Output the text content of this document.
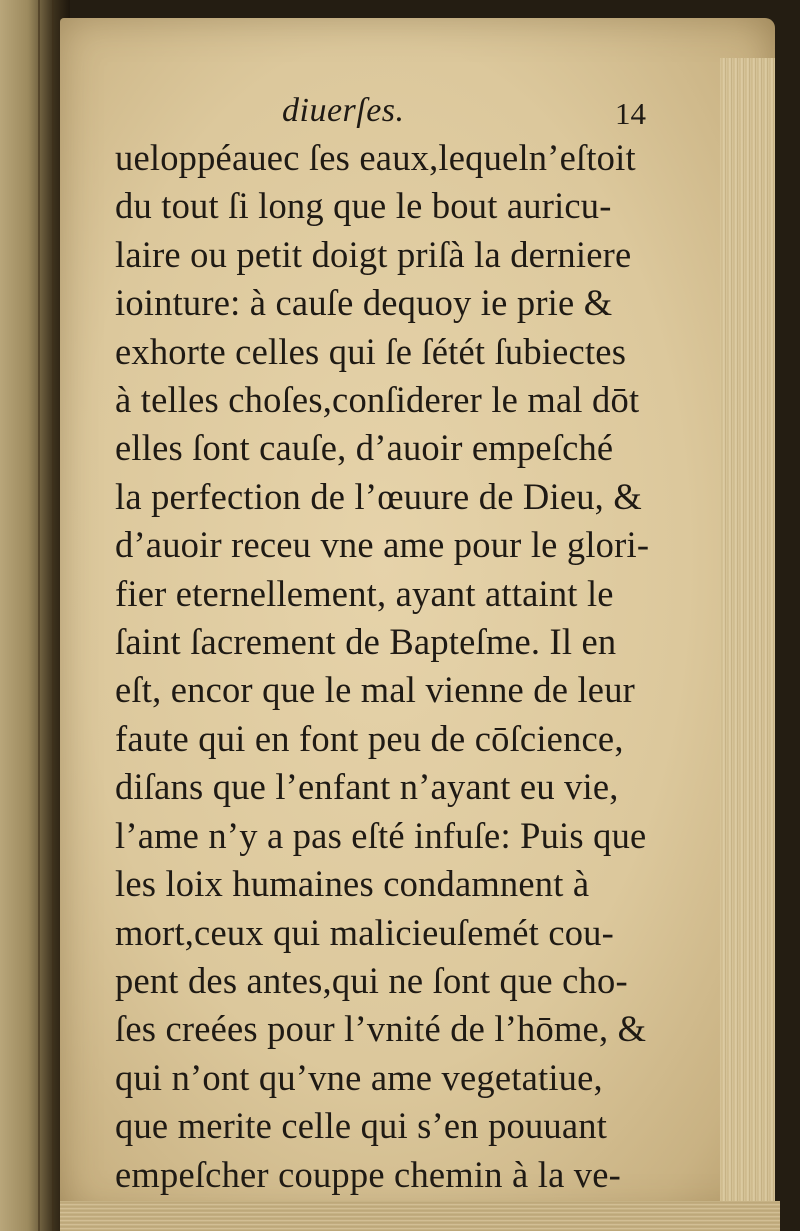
diuerſes.	14
ueloppéauec ſes eaux,lequeln’eſtoit
du tout ſi long que le bout auricu-
laire ou petit doigt priſà la derniere
iointure: à cauſe dequoy ie prie &
exhorte celles qui ſe ſétét ſubiectes
à telles choſes,conſiderer le mal dōt
elles ſont cauſe, d’auoir empeſché
la perfection de l’œuure de Dieu, &
d’auoir receu vne ame pour le glori-
fier eternellement, ayant attaint le
ſaint ſacrement de Bapteſme. Il en
eſt, encor que le mal vienne de leur
faute qui en font peu de cōſcience,
diſans que l’enfant n’ayant eu vie,
l’ame n’y a pas eſté infuſe: Puis que
les loix humaines condamnent à
mort,ceux qui malicieuſemét cou-
pent des antes,qui ne ſont que cho-
ſes creées pour l’vnité de l’hōme, &
qui n’ont qu’vne ame vegetatiue,
que merite celle qui s’en pouuant
empeſcher couppe chemin à la ve-
